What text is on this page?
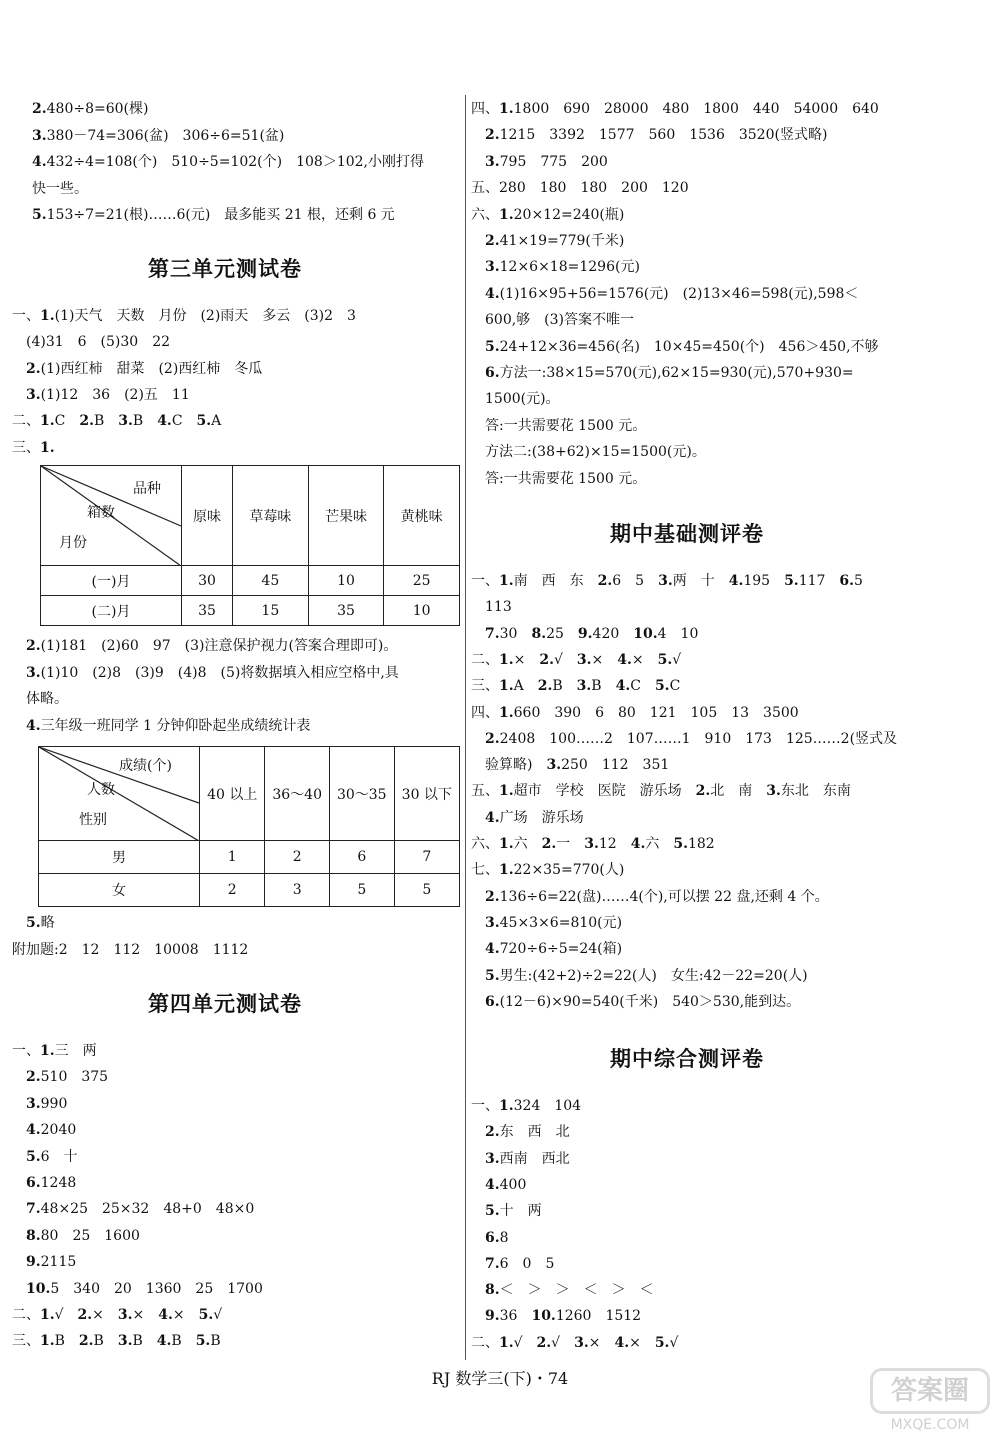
2.480÷8=60(棵)
3.380－74=306(盆)　306÷6=51(盆)
4.432÷4=108(个)　510÷5=102(个)　108＞102,小刚打得
快一些。
5.153÷7=21(根)……6(元)　最多能买 21 根，还剩 6 元
第三单元测试卷
一、1.(1)天气　天数　月份　(2)雨天　多云　(3)2　3
　(4)31　6　(5)30　22
　2.(1)西红柿　甜菜　(2)西红柿　冬瓜
　3.(1)12　36　(2)五　11
二、1.C　2.B　3.B　4.C　5.A
三、1.
品种
箱数
月份	原味	草莓味	芒果味	黄桃味
(一)月	30	45	10	25
(二)月	35	15	35	10
　2.(1)181　(2)60　97　(3)注意保护视力(答案合理即可)。
　3.(1)10　(2)8　(3)9　(4)8　(5)将数据填入相应空格中,具
　体略。
　4.三年级一班同学 1 分钟仰卧起坐成绩统计表
成绩(个)
人数
性别	40 以上	36～40	30～35	30 以下
男	1	2	6	7
女	2	3	5	5
　5.略
附加题:2　12　112　10008　1112
第四单元测试卷
一、1.三　两
　2.510　375
　3.990
　4.2040
　5.6　十
　6.1248
　7.48×25　25×32　48+0　48×0
　8.80　25　1600
　9.2115
　10.5　340　20　1360　25　1700
二、1.√　2.×　3.×　4.×　5.√
三、1.B　2.B　3.B　4.B　5.B
四、1.1800　690　28000　480　1800　440　54000　640
　2.1215　3392　1577　560　1536　3520(竖式略)
　3.795　775　200
五、280　180　180　200　120
六、1.20×12=240(瓶)
　2.41×19=779(千米)
　3.12×6×18=1296(元)
　4.(1)16×95+56=1576(元)　(2)13×46=598(元),598＜
　600,够　(3)答案不唯一
　5.24+12×36=456(名)　10×45=450(个)　456＞450,不够
　6.方法一:38×15=570(元),62×15=930(元),570+930=
　1500(元)。
　答:一共需要花 1500 元。
　方法二:(38+62)×15=1500(元)。
　答:一共需要花 1500 元。
期中基础测评卷
一、1.南　西　东　2.6　5　3.两　十　4.195　5.117　6.5
　113
　7.30　8.25　9.420　10.4　10
二、1.×　2.√　3.×　4.×　5.√
三、1.A　2.B　3.B　4.C　5.C
四、1.660　390　6　80　121　105　13　3500
　2.2408　100……2　107……1　910　173　125……2(竖式及
　验算略)　3.250　112　351
五、1.超市　学校　医院　游乐场　2.北　南　3.东北　东南
　4.广场　游乐场
六、1.六　2.一　3.12　4.六　5.182
七、1.22×35=770(人)
　2.136÷6=22(盘)……4(个),可以摆 22 盘,还剩 4 个。
　3.45×3×6=810(元)
　4.720÷6÷5=24(箱)
　5.男生:(42+2)÷2=22(人)　女生:42－22=20(人)
　6.(12－6)×90=540(千米)　540＞530,能到达。
期中综合测评卷
一、1.324　104
　2.东　西　北
　3.西南　西北
　4.400
　5.十　两
　6.8
　7.6　0　5
　8.＜　＞　＞　＜　＞　＜
　9.36　10.1260　1512
二、1.√　2.√　3.×　4.×　5.√
RJ 数学三(下)・74	答案圈
MXQE.COM
